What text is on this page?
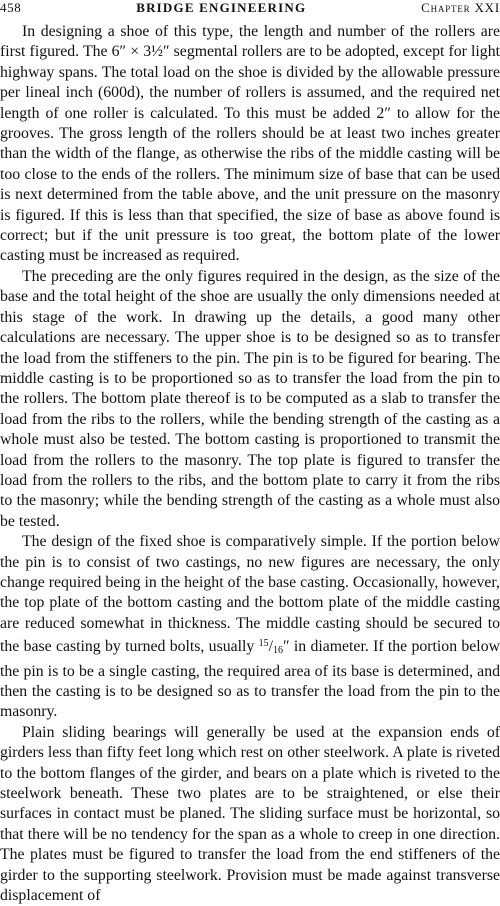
458	BRIDGE ENGINEERING	Chapter XXI

In designing a shoe of this type, the length and number of the rollers are first figured. The 6″ × 3½″ segmental rollers are to be adopted, except for light highway spans. The total load on the shoe is divided by the allowable pressure per lineal inch (600d), the number of rollers is assumed, and the required net length of one roller is calculated. To this must be added 2″ to allow for the grooves. The gross length of the rollers should be at least two inches greater than the width of the flange, as otherwise the ribs of the middle casting will be too close to the ends of the rollers. The minimum size of base that can be used is next determined from the table above, and the unit pressure on the masonry is figured. If this is less than that specified, the size of base as above found is correct; but if the unit pressure is too great, the bottom plate of the lower casting must be increased as required.

The preceding are the only figures required in the design, as the size of the base and the total height of the shoe are usually the only dimensions needed at this stage of the work. In drawing up the details, a good many other calculations are necessary. The upper shoe is to be designed so as to transfer the load from the stiffeners to the pin. The pin is to be figured for bearing. The middle casting is to be proportioned so as to transfer the load from the pin to the rollers. The bottom plate thereof is to be computed as a slab to transfer the load from the ribs to the rollers, while the bending strength of the casting as a whole must also be tested. The bottom casting is proportioned to transmit the load from the rollers to the masonry. The top plate is figured to transfer the load from the rollers to the ribs, and the bottom plate to carry it from the ribs to the masonry; while the bending strength of the casting as a whole must also be tested.

The design of the fixed shoe is comparatively simple. If the portion below the pin is to consist of two castings, no new figures are necessary, the only change required being in the height of the base casting. Occasionally, however, the top plate of the bottom casting and the bottom plate of the middle casting are reduced somewhat in thickness. The middle casting should be secured to the base casting by turned bolts, usually $^{15}$/16″ in diameter. If the portion below the pin is to be a single casting, the required area of its base is determined, and then the casting is to be designed so as to transfer the load from the pin to the masonry.

Plain sliding bearings will generally be used at the expansion ends of girders less than fifty feet long which rest on other steelwork. A plate is riveted to the bottom flanges of the girder, and bears on a plate which is riveted to the steelwork beneath. These two plates are to be straightened, or else their surfaces in contact must be planed. The sliding surface must be horizontal, so that there will be no tendency for the span as a whole to creep in one direction. The plates must be figured to transfer the load from the end stiffeners of the girder to the supporting steelwork. Provision must be made against transverse displacement of
